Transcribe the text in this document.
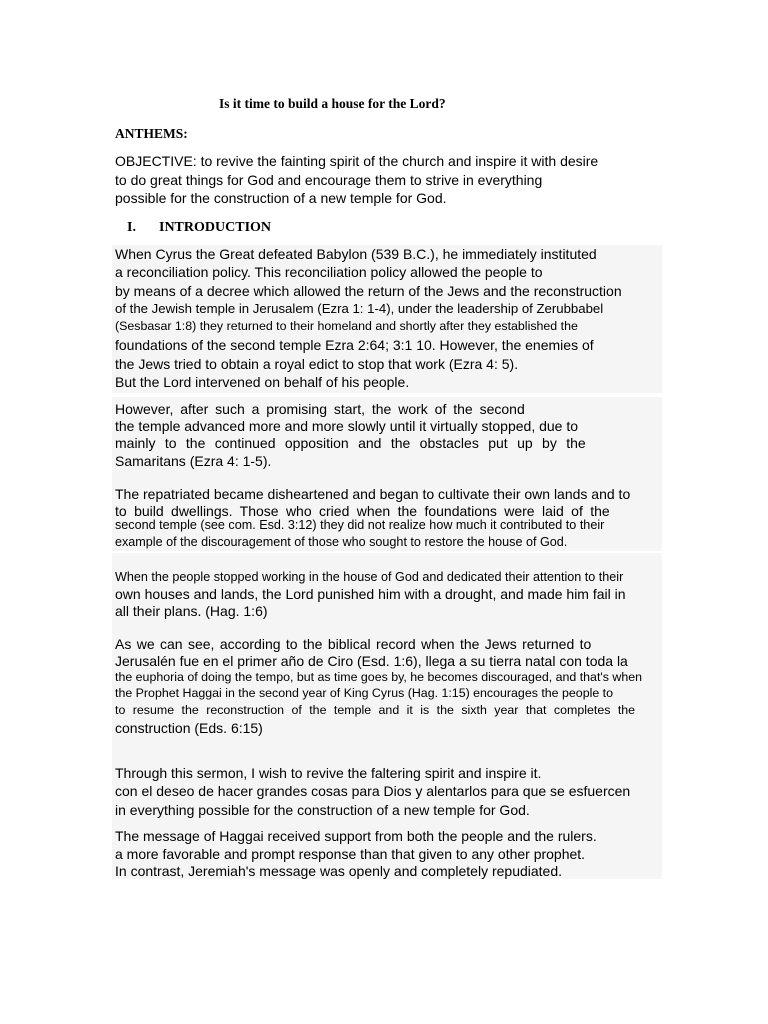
Is it time to build a house for the Lord?
ANTHEMS:
OBJECTIVE: to revive the fainting spirit of the church and inspire it with desire
to do great things for God and encourage them to strive in everything
possible for the construction of a new temple for God.
I. INTRODUCTION
When Cyrus the Great defeated Babylon (539 B.C.), he immediately instituted
a reconciliation policy. This reconciliation policy allowed the people to
by means of a decree which allowed the return of the Jews and the reconstruction
of the Jewish temple in Jerusalem (Ezra 1: 1-4), under the leadership of Zerubbabel
(Sesbasar 1:8) they returned to their homeland and shortly after they established the
foundations of the second temple Ezra 2:64; 3:1 10. However, the enemies of
the Jews tried to obtain a royal edict to stop that work (Ezra 4: 5).
But the Lord intervened on behalf of his people.
However, after such a promising start, the work of the second
the temple advanced more and more slowly until it virtually stopped, due to
mainly to the continued opposition and the obstacles put up by the
Samaritans (Ezra 4: 1-5).
The repatriated became disheartened and began to cultivate their own lands and to
to build dwellings. Those who cried when the foundations were laid of the
second temple (see com. Esd. 3:12) they did not realize how much it contributed to their
example of the discouragement of those who sought to restore the house of God.
When the people stopped working in the house of God and dedicated their attention to their
own houses and lands, the Lord punished him with a drought, and made him fail in
all their plans. (Hag. 1:6)
As we can see, according to the biblical record when the Jews returned to
Jerusalén fue en el primer año de Ciro (Esd. 1:6), llega a su tierra natal con toda la
the euphoria of doing the tempo, but as time goes by, he becomes discouraged, and that's when
the Prophet Haggai in the second year of King Cyrus (Hag. 1:15) encourages the people to
to resume the reconstruction of the temple and it is the sixth year that completes the
construction (Eds. 6:15)
Through this sermon, I wish to revive the faltering spirit and inspire it.
con el deseo de hacer grandes cosas para Dios y alentarlos para que se esfuercen
in everything possible for the construction of a new temple for God.
The message of Haggai received support from both the people and the rulers.
a more favorable and prompt response than that given to any other prophet.
In contrast, Jeremiah's message was openly and completely repudiated.
